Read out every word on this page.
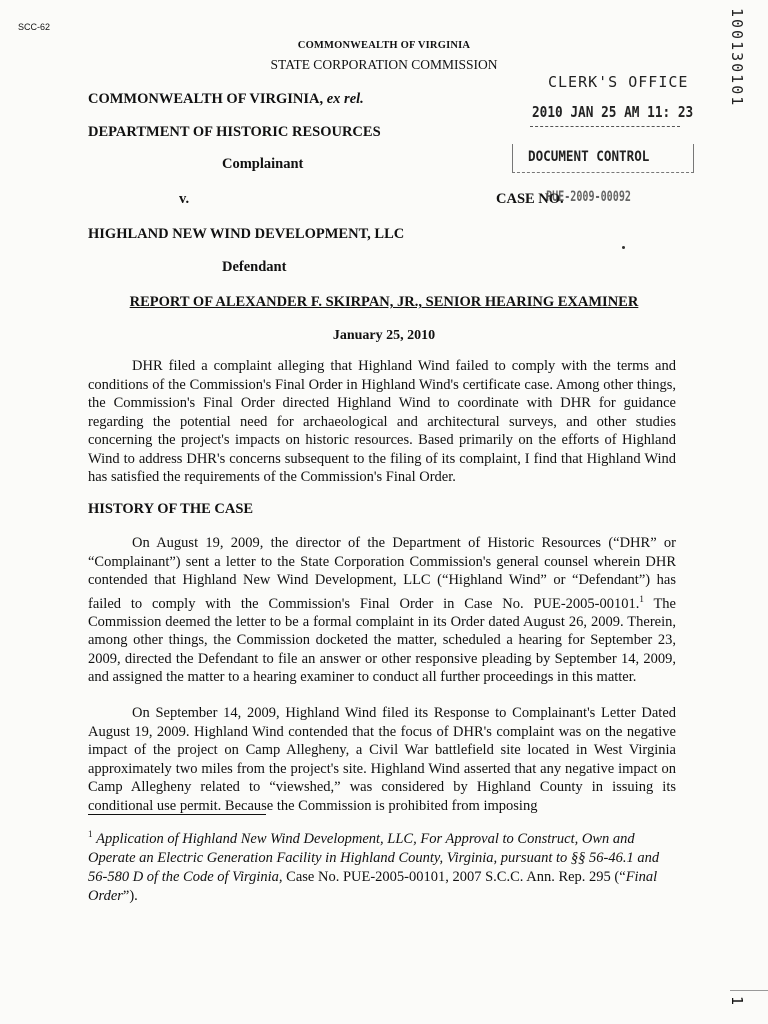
SCC-62
COMMONWEALTH OF VIRGINIA
STATE CORPORATION COMMISSION	100130101
CLERK'S OFFICE
2010 JAN 25 AM 11: 23
DOCUMENT CONTROL
COMMONWEALTH OF VIRGINIA, ex rel.
DEPARTMENT OF HISTORIC RESOURCES
Complainant
v.	CASE NO.
PUE-2009-00092
HIGHLAND NEW WIND DEVELOPMENT, LLC
Defendant
REPORT OF ALEXANDER F. SKIRPAN, JR., SENIOR HEARING EXAMINER
January 25, 2010

DHR filed a complaint alleging that Highland Wind failed to comply with the terms and conditions of the Commission's Final Order in Highland Wind's certificate case. Among other things, the Commission's Final Order directed Highland Wind to coordinate with DHR for guidance regarding the potential need for archaeological and architectural surveys, and other studies concerning the project's impacts on historic resources. Based primarily on the efforts of Highland Wind to address DHR's concerns subsequent to the filing of its complaint, I find that Highland Wind has satisfied the requirements of the Commission's Final Order.

HISTORY OF THE CASE

On August 19, 2009, the director of the Department of Historic Resources (“DHR” or “Complainant”) sent a letter to the State Corporation Commission's general counsel wherein DHR contended that Highland New Wind Development, LLC (“Highland Wind” or “Defendant”) has failed to comply with the Commission's Final Order in Case No. PUE-2005-00101.$^1$ The Commission deemed the letter to be a formal complaint in its Order dated August 26, 2009. Therein, among other things, the Commission docketed the matter, scheduled a hearing for September 23, 2009, directed the Defendant to file an answer or other responsive pleading by September 14, 2009, and assigned the matter to a hearing examiner to conduct all further proceedings in this matter.

On September 14, 2009, Highland Wind filed its Response to Complainant's Letter Dated August 19, 2009. Highland Wind contended that the focus of DHR's complaint was on the negative impact of the project on Camp Allegheny, a Civil War battlefield site located in West Virginia approximately two miles from the project's site. Highland Wind asserted that any negative impact on Camp Allegheny related to “viewshed,” was considered by Highland County in issuing its conditional use permit. Because the Commission is prohibited from imposing

$^1$ Application of Highland New Wind Development, LLC, For Approval to Construct, Own and Operate an Electric Generation Facility in Highland County, Virginia, pursuant to §§ 56-46.1 and 56-580 D of the Code of Virginia, Case No. PUE-2005-00101, 2007 S.C.C. Ann. Rep. 295 (“Final Order”).
1
